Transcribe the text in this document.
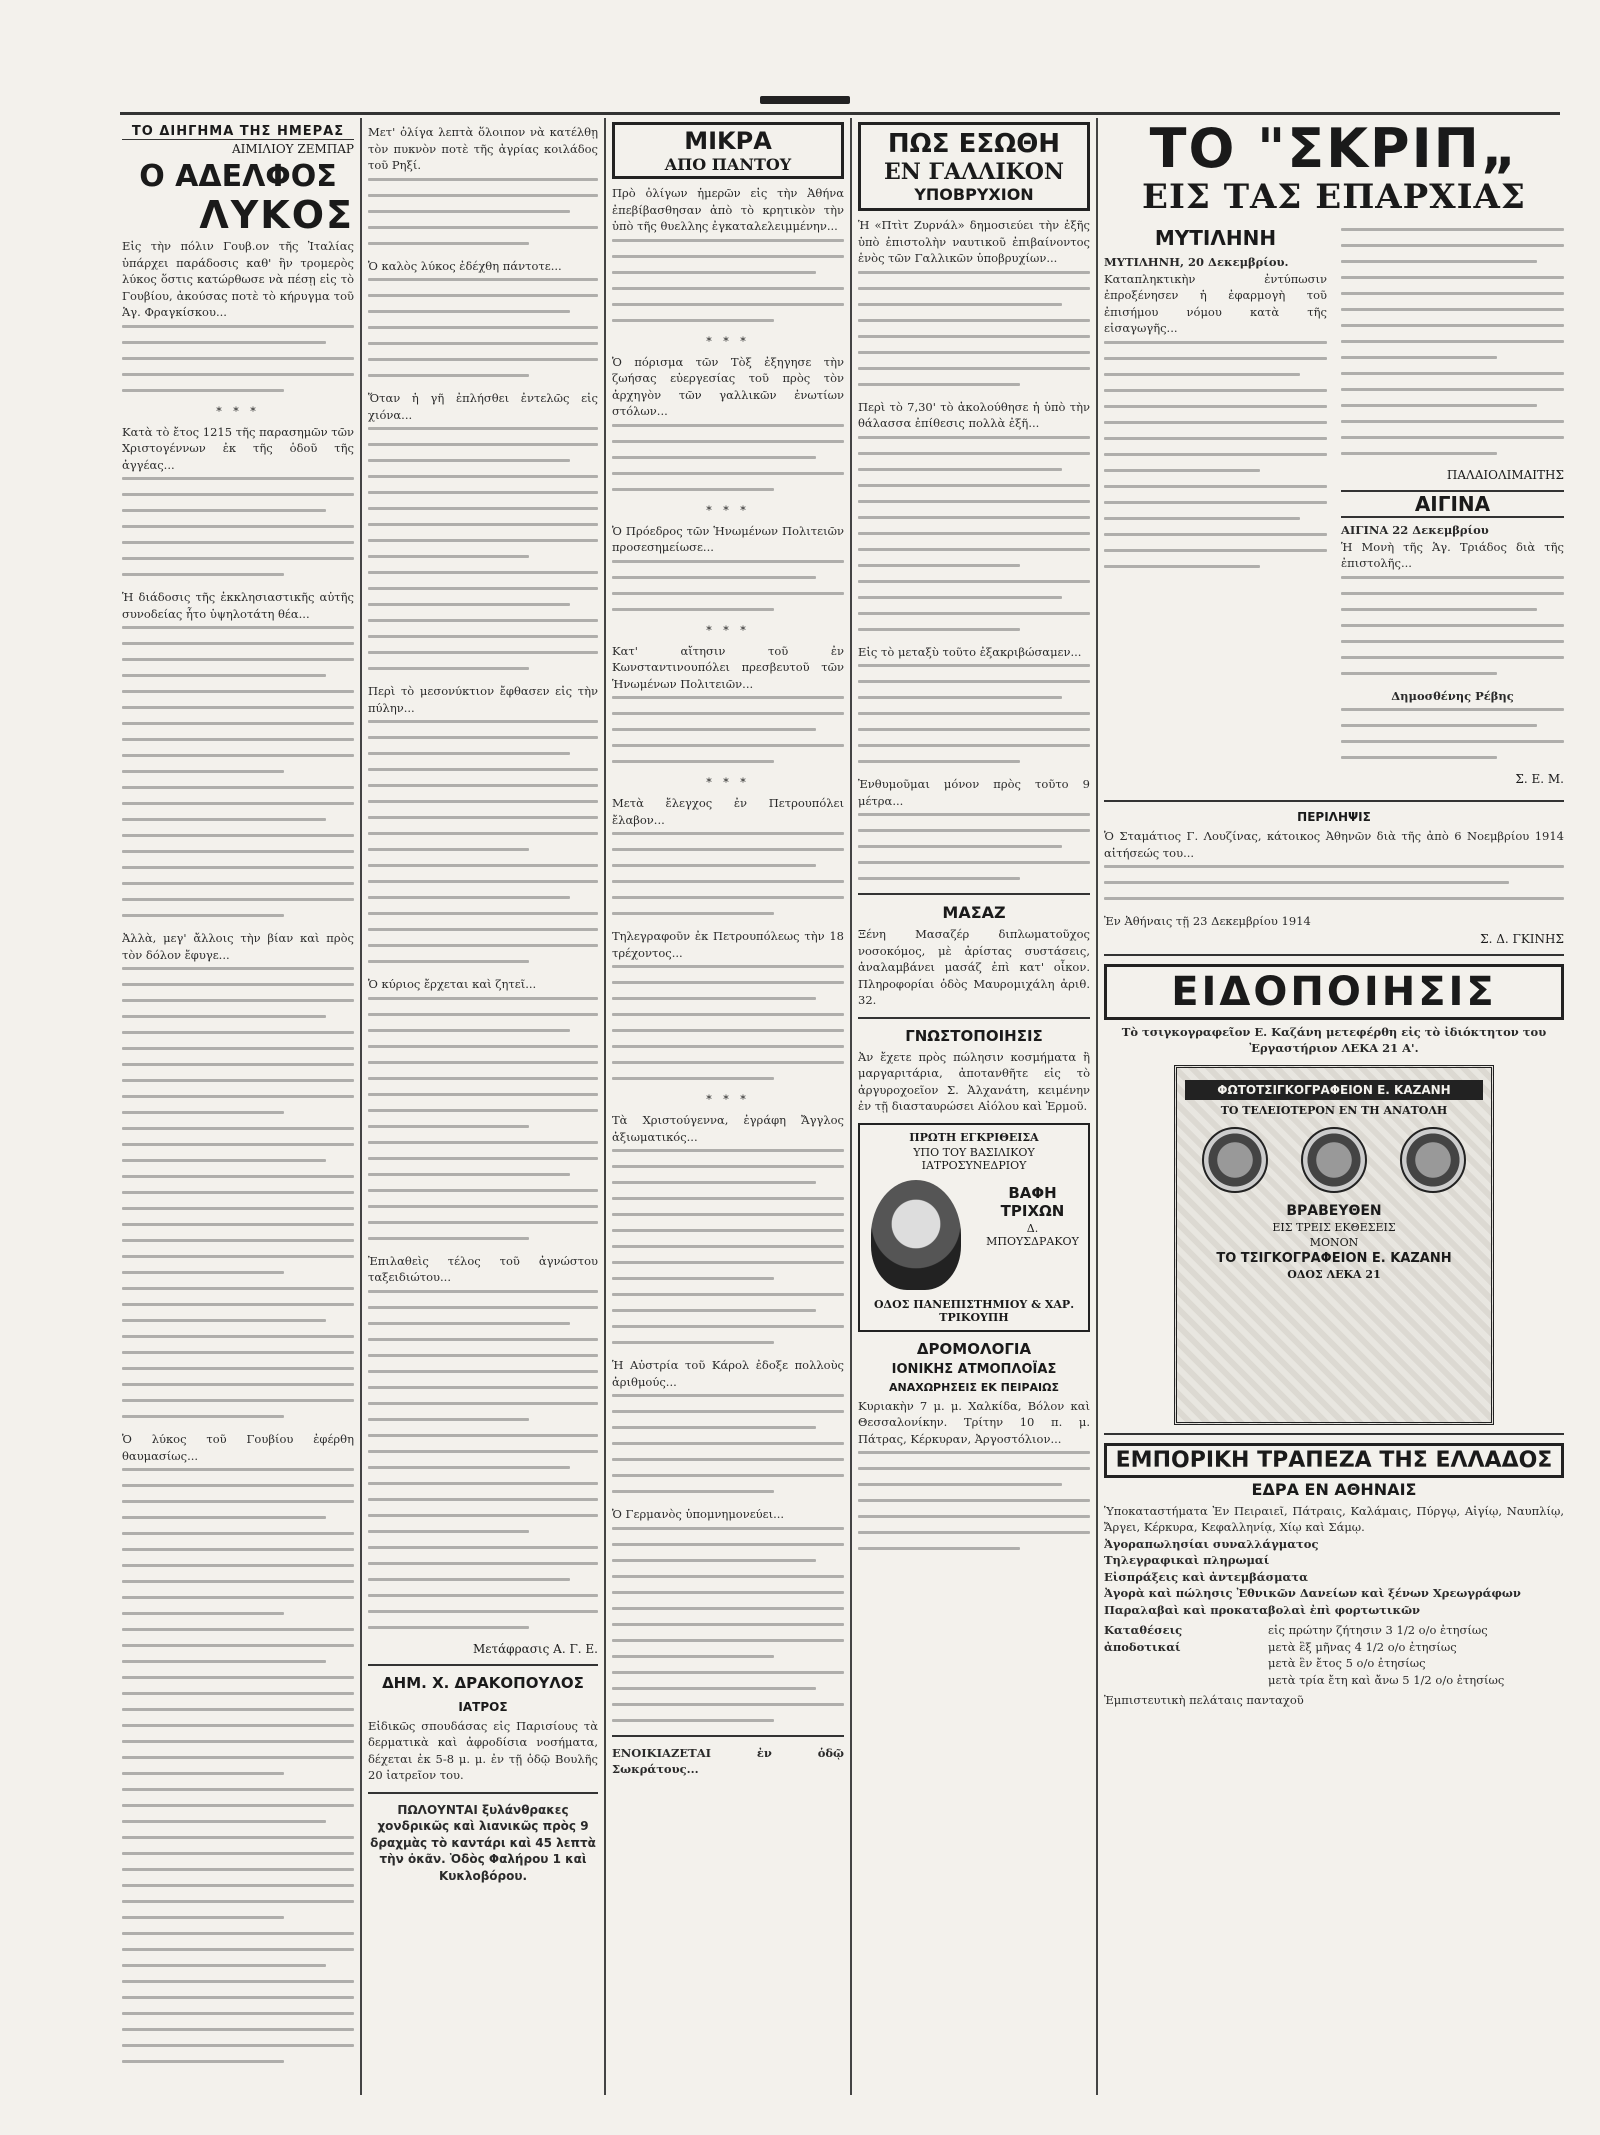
ΤΟ ΔΙΗΓΗΜΑ ΤΗΣ ΗΜΕΡΑΣ
ΑΙΜΙΛΙΟΥ ΖΕΜΠΑΡ
Ο ΑΔΕΛΦΟΣ
ΛΥΚΟΣ
Εἰς τὴν πόλιν Γουβ.ον τῆς Ἰταλίας ὑπάρχει παράδοσις καθ' ἣν τρομερὸς λύκος ὅστις κατώρθωσε νὰ πέσῃ εἰς τὸ Γουβίου, ἀκούσας ποτὲ τὸ κήρυγμα τοῦ Ἁγ. Φραγκίσκου...
* * *
Κατὰ τὸ ἔτος 1215 τῆς παρασημῶν τῶν Χριστογέννων ἐκ τῆς ὁδοῦ τῆς ἀγγέας...
Ἡ διάδοσις τῆς ἐκκλησιαστικῆς αὐτῆς συνοδείας ἦτο ὑψηλοτάτη θέα...
Ἀλλὰ, μεγ' ἄλλοις τὴν βίαν καὶ πρὸς τὸν δόλον ἔφυγε...
Ὁ λύκος τοῦ Γουβίου ἐφέρθη θαυμασίως...
Μετ' ὀλίγα λεπτὰ ὅλοιπον νὰ κατέλθῃ τὸν πυκνὸν ποτὲ τῆς ἀγρίας κοιλάδος τοῦ Ρηξί.
Ὁ καλὸς λύκος ἐδέχθη πάντοτε...
Ὅταν ἡ γῆ ἐπλήσθει ἐντελῶς εἰς χιόνα...
Περὶ τὸ μεσονύκτιον ἔφθασεν εἰς τὴν πύλην...
Ὁ κύριος ἔρχεται καὶ ζητεῖ...
Ἐπιλαθεὶς τέλος τοῦ ἀγνώστου ταξειδιώτου...
Μετάφρασις Α. Γ. Ε.
ΔΗΜ. Χ. ΔΡΑΚΟΠΟΥΛΟΣ
ΙΑΤΡΟΣ
Εἰδικῶς σπουδάσας εἰς Παρισίους τὰ δερματικὰ καὶ ἀφροδίσια νοσήματα, δέχεται ἐκ 5-8 μ. μ. ἐν τῇ ὁδῷ Βουλῆς 20 ἰατρεῖον του.
ΠΩΛΟΥΝΤΑΙ ξυλάνθρακες χονδρικῶς καὶ λιανικῶς πρὸς 9 δραχμὰς τὸ καντάρι καὶ 45 λεπτὰ τὴν ὀκᾶν. Ὁδὸς Φαλήρου 1 καὶ Κυκλοβόρου.
ΜΙΚΡΑ
ΑΠΟ ΠΑΝΤΟΥ
Πρὸ ὀλίγων ἡμερῶν εἰς τὴν Ἀθήνα ἐπεβίβασθησαν ἀπὸ τὸ κρητικὸν τὴν ὑπὸ τῆς θυελλης ἐγκαταλελειμμένην...
* * *
Ὁ πόρισμα τῶν Τὸξ ἐξηγησε τὴν ζωήσας εὐεργεσίας τοῦ πρὸς τὸν ἀρχηγὸν τῶν γαλλικῶν ἐνωτίων στόλων...
* * *
Ὁ Πρόεδρος τῶν Ἡνωμένων Πολιτειῶν προσεσημείωσε...
* * *
Κατ' αἴτησιν τοῦ ἐν Κωνσταντινουπόλει πρεσβευτοῦ τῶν Ἡνωμένων Πολιτειῶν...
* * *
Μετὰ ἔλεγχος ἐν Πετρουπόλει ἔλαβον...
Τηλεγραφοῦν ἐκ Πετρουπόλεως τὴν 18 τρέχοντος...
* * *
Τὰ Χριστούγεννα, ἐγράφη Ἄγγλος ἀξιωματικός...
Ἡ Αὐστρία τοῦ Κάρολ ἐδοξε πολλοὺς ἀριθμούς...
Ὁ Γερμανὸς ὑπομνημονεύει...
ΕΝΟΙΚΙΑΖΕΤΑΙ ἐν ὁδῷ Σωκράτους...
ΠΩΣ ΕΣΩΘΗ
ΕΝ ΓΑΛΛΙΚΟΝ
ΥΠΟΒΡΥΧΙΟΝ
Ἡ «Πτὶτ Ζυρνάλ» δημοσιεύει τὴν ἐξῆς ὑπὸ ἐπιστολὴν ναυτικοῦ ἐπιβαίνοντος ἑνὸς τῶν Γαλλικῶν ὑποβρυχίων...
Περὶ τὸ 7,30' τὸ ἀκολούθησε ἡ ὑπὸ τὴν θάλασσα ἐπίθεσις πολλὰ ἐξῆ...
Εἰς τὸ μεταξὺ τοῦτο ἐξακριβώσαμεν...
Ἐνθυμοῦμαι μόνον πρὸς τοῦτο 9 μέτρα...
ΜΑΣΑΖ
Ξένη Μασαζέρ διπλωματοῦχος νοσοκόμος, μὲ ἀρίστας συστάσεις, ἀναλαμβάνει μασάζ ἐπὶ κατ' οἶκον. Πληροφορίαι ὁδὸς Μαυρομιχάλη ἀριθ. 32.
ΓΝΩΣΤΟΠΟΙΗΣΙΣ
Ἀν ἔχετε πρὸς πώλησιν κοσμήματα ἢ μαργαριτάρια, ἀποτανθῆτε εἰς τὸ ἀργυροχοεῖον Σ. Ἀλχανάτη, κειμένην ἐν τῇ διασταυρώσει Αἰόλου καὶ Ἑρμοῦ.
ΠΡΩΤΗ ΕΓΚΡΙΘΕΙΣΑ
ΥΠΟ ΤΟΥ ΒΑΣΙΛΙΚΟΥ ΙΑΤΡΟΣΥΝΕΔΡΙΟΥ
ΒΑΦΗ ΤΡΙΧΩΝ
Δ. ΜΠΟΥΣΔΡΑΚΟΥ
ΟΔΟΣ ΠΑΝΕΠΙΣΤΗΜΙΟΥ & ΧΑΡ. ΤΡΙΚΟΥΠΗ
ΔΡΟΜΟΛΟΓΙΑ
ΙΟΝΙΚΗΣ ΑΤΜΟΠΛΟΪΑΣ
ΑΝΑΧΩΡΗΣΕΙΣ ΕΚ ΠΕΙΡΑΙΩΣ
Κυριακὴν 7 μ. μ. Χαλκίδα, Βόλον καὶ Θεσσαλονίκην. Τρίτην 10 π. μ. Πάτρας, Κέρκυραν, Ἀργοστόλιον...
ΤΟ "ΣΚΡΙΠ„
ΕΙΣ ΤΑΣ ΕΠΑΡΧΙΑΣ
ΜΥΤΙΛΗΝΗ
ΜΥΤΙΛΗΝΗ, 20 Δεκεμβρίου.
Καταπληκτικὴν ἐντύπωσιν ἐπροξένησεν ἡ ἐφαρμογὴ τοῦ ἐπισήμου νόμου κατὰ τῆς εἰσαγωγῆς...
ΠΑΛΑΙΟΛΙΜΑΙΤΗΣ
ΑΙΓΙΝΑ
ΑΙΓΙΝΑ 22 Δεκεμβρίου
Ἡ Μονὴ τῆς Ἁγ. Τριάδος διὰ τῆς ἐπιστολῆς...
Δημοσθένης Ρέβης
Σ. Ε. Μ.
ΠΕΡΙΛΗΨΙΣ
Ὁ Σταμάτιος Γ. Λουζίνας, κάτοικος Ἀθηνῶν διὰ τῆς ἀπὸ 6 Νοεμβρίου 1914 αἰτήσεώς του...
Ἐν Ἀθήναις τῇ 23 Δεκεμβρίου 1914
Σ. Δ. ΓΚΙΝΗΣ
ΕΙΔΟΠΟΙΗΣΙΣ
Τὸ τσιγκογραφεῖον Ε. Καζάνη μετεφέρθη εἰς τὸ ἰδιόκτητον του Ἐργαστήριον ΛΕΚΑ 21 Α'.
ΦΩΤΟΤΣΙΓΚΟΓΡΑΦΕΙΟΝ Ε. ΚΑΖΑΝΗ
ΤΟ ΤΕΛΕΙΟΤΕΡΟΝ ΕΝ ΤΗ ΑΝΑΤΟΛΗ
ΒΡΑΒΕΥΘΕΝ
ΕΙΣ ΤΡΕΙΣ ΕΚΘΕΣΕΙΣ
ΜΟΝΟΝ
ΤΟ ΤΣΙΓΚΟΓΡΑΦΕΙΟΝ Ε. ΚΑΖΑΝΗ
ΟΔΟΣ ΛΕΚΑ 21
ΕΜΠΟΡΙΚΗ ΤΡΑΠΕΖΑ ΤΗΣ ΕΛΛΑΔΟΣ
ΕΔΡΑ ΕΝ ΑΘΗΝΑΙΣ
Ὑποκαταστήματα Ἐν Πειραιεῖ, Πάτραις, Καλάμαις, Πύργῳ, Αἰγίῳ, Ναυπλίῳ, Ἄργει, Κέρκυρα, Κεφαλληνίᾳ, Χίῳ καὶ Σάμῳ.
Ἀγοραπωλησίαι συναλλάγματος
Τηλεγραφικαὶ πληρωμαί
Εἰσπράξεις καὶ ἀντεμβάσματα
Ἀγορὰ καὶ πώλησις Ἐθνικῶν Δανείων καὶ ξένων Χρεωγράφων
Παραλαβαὶ καὶ προκαταβολαὶ ἐπὶ φορτωτικῶν
Καταθέσεις ἀποδοτικαί
εἰς πρώτην ζήτησιν 3 1/2 ο/ο ἐτησίως
μετὰ ἓξ μῆνας 4 1/2 ο/ο ἐτησίως
μετὰ ἓν ἔτος 5 ο/ο ἐτησίως
μετὰ τρία ἔτη καὶ ἄνω 5 1/2 ο/ο ἐτησίως
Ἐμπιστευτικὴ πελάταις πανταχοῦ
